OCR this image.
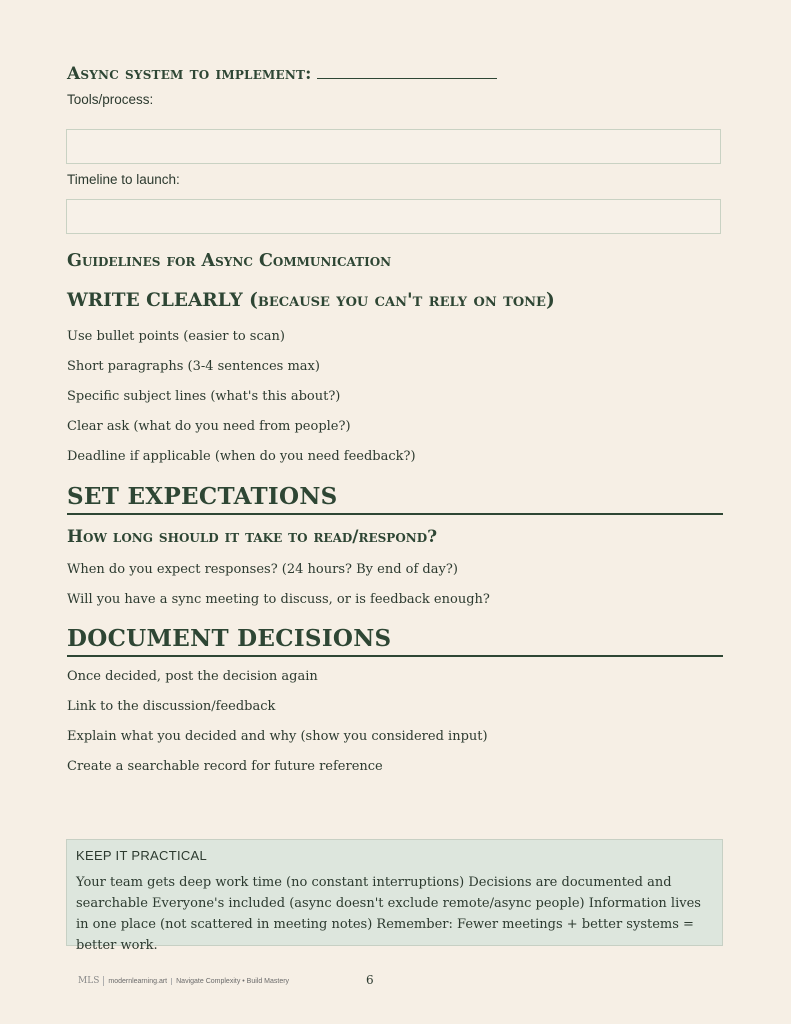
Async system to implement:
Tools/process:
Timeline to launch:
Guidelines for Async Communication
WRITE CLEARLY (because you can't rely on tone)
Use bullet points (easier to scan)
Short paragraphs (3-4 sentences max)
Specific subject lines (what's this about?)
Clear ask (what do you need from people?)
Deadline if applicable (when do you need feedback?)
SET EXPECTATIONS
How long should it take to read/respond?
When do you expect responses? (24 hours? By end of day?)
Will you have a sync meeting to discuss, or is feedback enough?
DOCUMENT DECISIONS
Once decided, post the decision again
Link to the discussion/feedback
Explain what you decided and why (show you considered input)
Create a searchable record for future reference
KEEP IT PRACTICAL
Your team gets deep work time (no constant interruptions) Decisions are documented and searchable Everyone's included (async doesn't exclude remote/async people) Information lives in one place (not scattered in meeting notes) Remember: Fewer meetings + better systems = better work.
MLS	modernlearning.art	Navigate Complexity • Build Mastery	6
